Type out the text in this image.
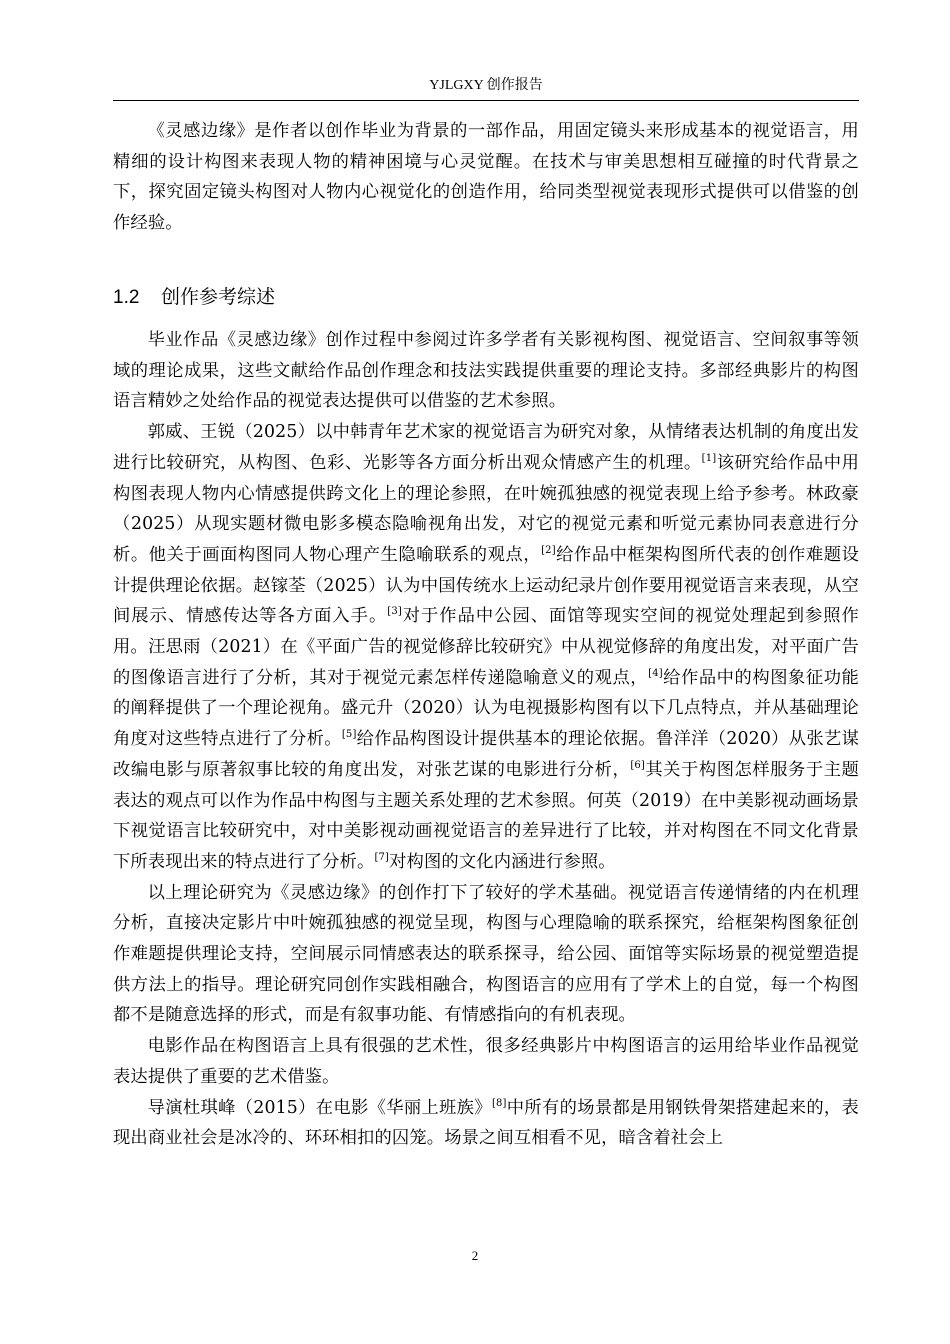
YJLGXY 创作报告

《灵感边缘》是作者以创作毕业为背景的一部作品，用固定镜头来形成基本的视觉语言，用精细的设计构图来表现人物的精神困境与心灵觉醒。在技术与审美思想相互碰撞的时代背景之下，探究固定镜头构图对人物内心视觉化的创造作用，给同类型视觉表现形式提供可以借鉴的创作经验。

1.2 创作参考综述

毕业作品《灵感边缘》创作过程中参阅过许多学者有关影视构图、视觉语言、空间叙事等领域的理论成果，这些文献给作品创作理念和技法实践提供重要的理论支持。多部经典影片的构图语言精妙之处给作品的视觉表达提供可以借鉴的艺术参照。

郭威、王锐（2025）以中韩青年艺术家的视觉语言为研究对象，从情绪表达机制的角度出发进行比较研究，从构图、色彩、光影等各方面分析出观众情感产生的机理。[1]该研究给作品中用构图表现人物内心情感提供跨文化上的理论参照，在叶婉孤独感的视觉表现上给予参考。林政豪（2025）从现实题材微电影多模态隐喻视角出发，对它的视觉元素和听觉元素协同表意进行分析。他关于画面构图同人物心理产生隐喻联系的观点，[2]给作品中框架构图所代表的创作难题设计提供理论依据。赵镓荃（2025）认为中国传统水上运动纪录片创作要用视觉语言来表现，从空间展示、情感传达等各方面入手。[3]对于作品中公园、面馆等现实空间的视觉处理起到参照作用。汪思雨（2021）在《平面广告的视觉修辞比较研究》中从视觉修辞的角度出发，对平面广告的图像语言进行了分析，其对于视觉元素怎样传递隐喻意义的观点，[4]给作品中的构图象征功能的阐释提供了一个理论视角。盛元升（2020）认为电视摄影构图有以下几点特点，并从基础理论角度对这些特点进行了分析。[5]给作品构图设计提供基本的理论依据。鲁洋洋（2020）从张艺谋改编电影与原著叙事比较的角度出发，对张艺谋的电影进行分析，[6]其关于构图怎样服务于主题表达的观点可以作为作品中构图与主题关系处理的艺术参照。何英（2019）在中美影视动画场景下视觉语言比较研究中，对中美影视动画视觉语言的差异进行了比较，并对构图在不同文化背景下所表现出来的特点进行了分析。[7]对构图的文化内涵进行参照。

以上理论研究为《灵感边缘》的创作打下了较好的学术基础。视觉语言传递情绪的内在机理分析，直接决定影片中叶婉孤独感的视觉呈现，构图与心理隐喻的联系探究，给框架构图象征创作难题提供理论支持，空间展示同情感表达的联系探寻，给公园、面馆等实际场景的视觉塑造提供方法上的指导。理论研究同创作实践相融合，构图语言的应用有了学术上的自觉，每一个构图都不是随意选择的形式，而是有叙事功能、有情感指向的有机表现。

电影作品在构图语言上具有很强的艺术性，很多经典影片中构图语言的运用给毕业作品视觉表达提供了重要的艺术借鉴。

导演杜琪峰（2015）在电影《华丽上班族》[8]中所有的场景都是用钢铁骨架搭建起来的，表现出商业社会是冰冷的、环环相扣的囚笼。场景之间互相看不见，暗含着社会上

2
